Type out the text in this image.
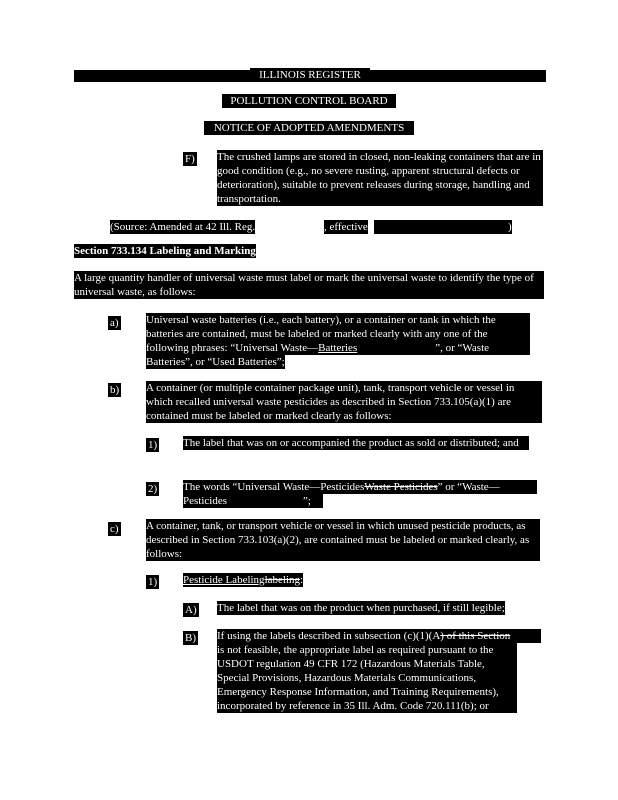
ILLINOIS REGISTER
POLLUTION CONTROL BOARD
NOTICE OF ADOPTED AMENDMENTS
F) The crushed lamps are stored in closed, non-leaking containers that are in good condition (e.g., no severe rusting, apparent structural defects or deterioration), suitable to prevent releases during storage, handling and transportation.
(Source: Amended at 42 Ill. Reg.	, effective	)
Section 733.134 Labeling and Marking
A large quantity handler of universal waste must label or mark the universal waste to identify the type of universal waste, as follows:
a) Universal waste batteries (i.e., each battery), or a container or tank in which the batteries are contained, must be labeled or marked clearly with any one of the
following phrases: “Universal Waste—Batteries	”, or “Waste
Batteries”, or “Used Batteries”;
b) A container (or multiple container package unit), tank, transport vehicle or vessel in which recalled universal waste pesticides as described in Section 733.105(a)(1) are contained must be labeled or marked clearly as follows:
1) The label that was on or accompanied the product as sold or distributed; and
2) The words “Universal Waste—PesticidesWaste Pesticides” or “Waste—
Pesticides	”;
c) A container, tank, or transport vehicle or vessel in which unused pesticide products, as described in Section 733.103(a)(2), are contained must be labeled or marked clearly, as follows:
1) Pesticide Labelinglabeling:
A) The label that was on the product when purchased, if still legible;
B) If using the labels described in subsection (c)(1)(A) of this Section
is not feasible, the appropriate label as required pursuant to the USDOT regulation 49 CFR 172 (Hazardous Materials Table, Special Provisions, Hazardous Materials Communications, Emergency Response Information, and Training Requirements), incorporated by reference in 35 Ill. Adm. Code 720.111(b); or
